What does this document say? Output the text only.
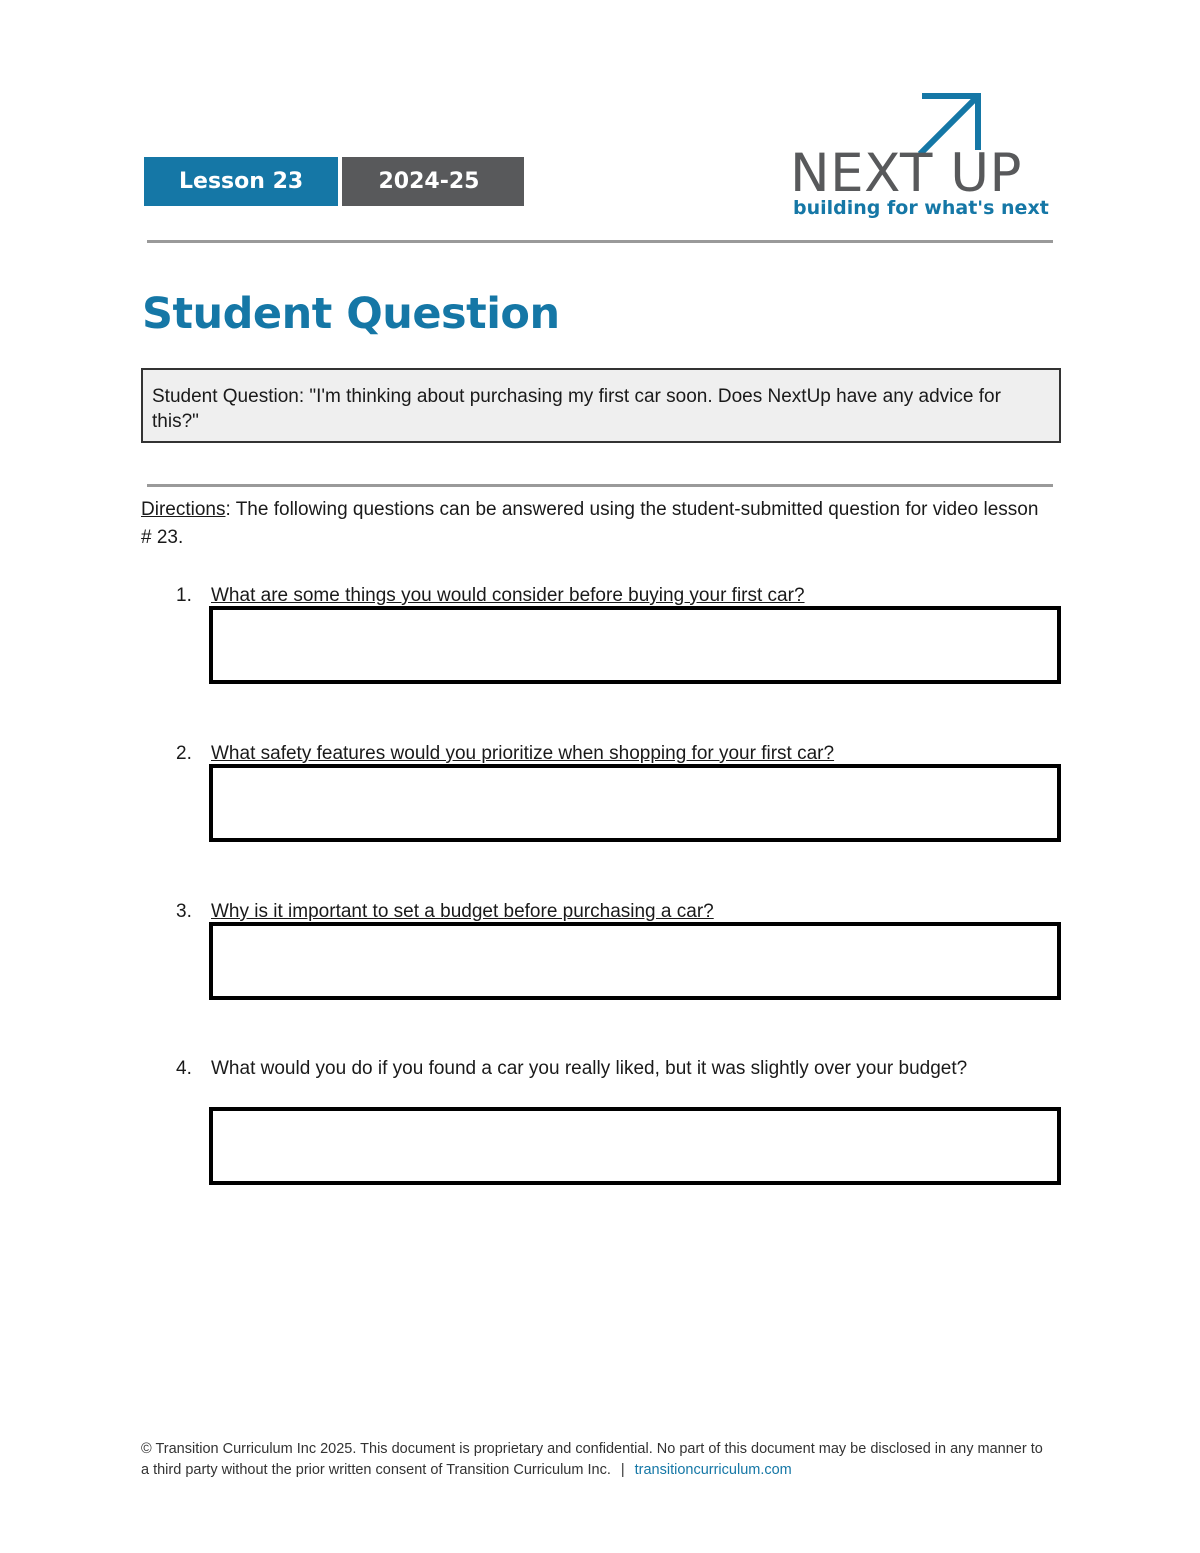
Lesson 23	2024-25	NEXT UP
building for what's next
Student Question
Student Question: "I'm thinking about purchasing my first car soon. Does NextUp have any advice for this?"
Directions: The following questions can be answered using the student-submitted question for video lesson # 23.
1. What are some things you would consider before buying your first car?
2. What safety features would you prioritize when shopping for your first car?
3. Why is it important to set a budget before purchasing a car?
4. What would you do if you found a car you really liked, but it was slightly over your budget?
© Transition Curriculum Inc 2025. This document is proprietary and confidential. No part of this document may be disclosed in any manner to a third party without the prior written consent of Transition Curriculum Inc. | transitioncurriculum.com
